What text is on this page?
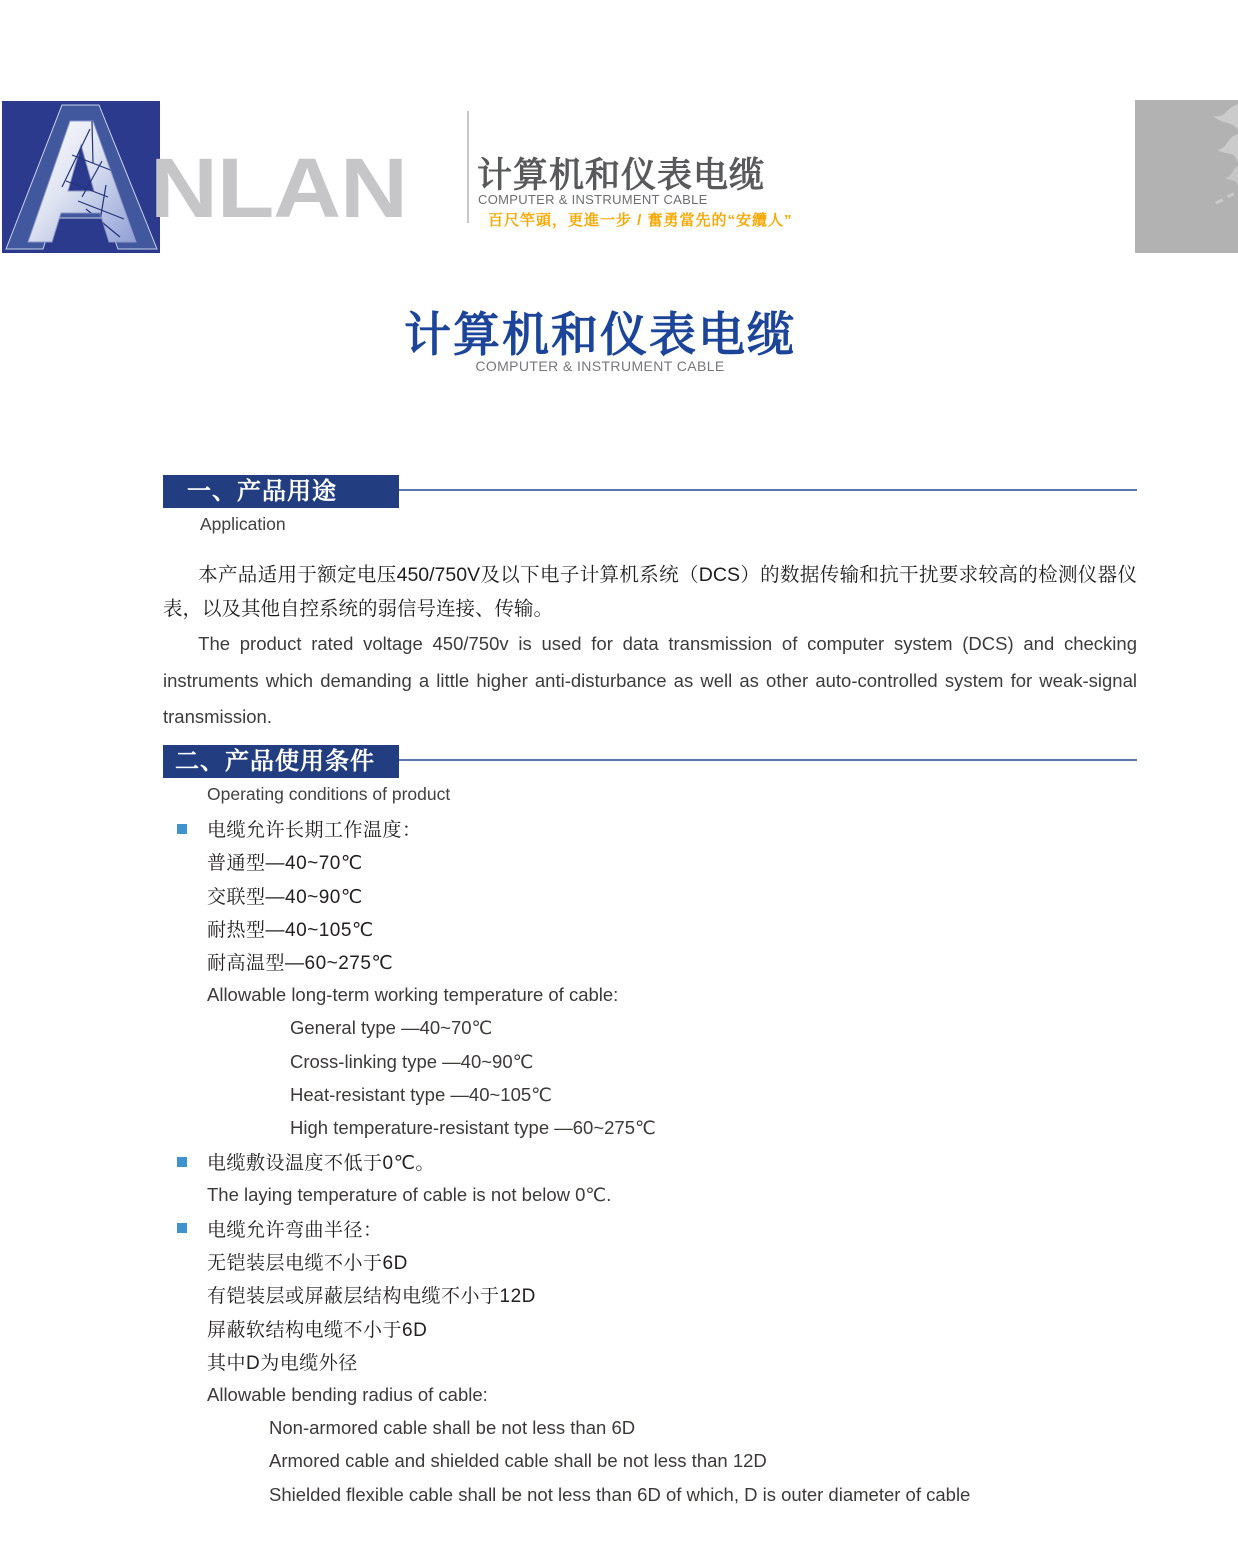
NLAN 计算机和仪表电缆
COMPUTER & INSTRUMENT CABLE
百尺竿頭，更進一步 / 奮勇當先的“安纜人”
计算机和仪表电缆
COMPUTER & INSTRUMENT CABLE
一、产品用途
Application

本产品适用于额定电压450/750V及以下电子计算机系统（DCS）的数据传输和抗干扰要求较高的检测仪器仪表，以及其他自控系统的弱信号连接、传输。

The product rated voltage 450/750v is used for data transmission of computer system (DCS) and checking instruments which demanding a little higher anti-disturbance as well as other auto-controlled system for weak-signal transmission.

二、产品使用条件
Operating conditions of product
电缆允许长期工作温度：
普通型—40~70℃
交联型—40~90℃
耐热型—40~105℃
耐高温型—60~275℃
Allowable long-term working temperature of cable:
General type —40~70℃
Cross-linking type —40~90℃
Heat-resistant type —40~105℃
High temperature-resistant type —60~275℃
电缆敷设温度不低于0℃。
The laying temperature of cable is not below 0℃.
电缆允许弯曲半径：
无铠装层电缆不小于6D
有铠装层或屏蔽层结构电缆不小于12D
屏蔽软结构电缆不小于6D
其中D为电缆外径
Allowable bending radius of cable:
Non-armored cable shall be not less than 6D
Armored cable and shielded cable shall be not less than 12D
Shielded flexible cable shall be not less than 6D of which, D is outer diameter of cable
